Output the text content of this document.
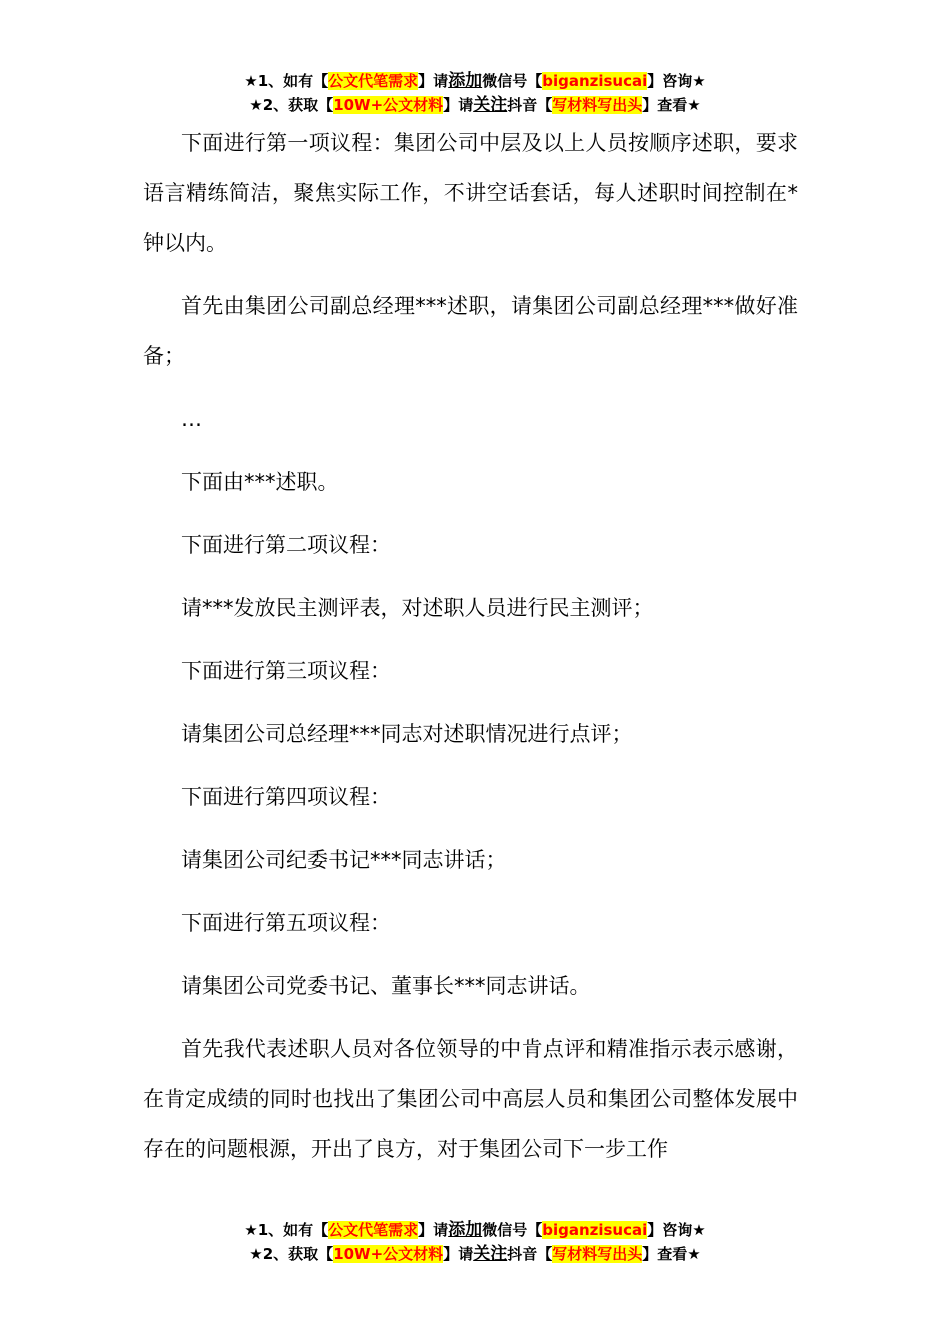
★1、如有【公文代笔需求】请添加微信号【biganzisucai】咨询★
★2、获取【10W+公文材料】请关注抖音【写材料写出头】查看★

下面进行第一项议程：集团公司中层及以上人员按顺序述职，要求语言精练简洁，聚焦实际工作，不讲空话套话，每人述职时间控制在*钟以内。

首先由集团公司副总经理***述职，请集团公司副总经理***做好准备；

…

下面由***述职。

下面进行第二项议程：

请***发放民主测评表，对述职人员进行民主测评；

下面进行第三项议程：

请集团公司总经理***同志对述职情况进行点评；

下面进行第四项议程：

请集团公司纪委书记***同志讲话；

下面进行第五项议程：

请集团公司党委书记、董事长***同志讲话。

首先我代表述职人员对各位领导的中肯点评和精准指示表示感谢，在肯定成绩的同时也找出了集团公司中高层人员和集团公司整体发展中存在的问题根源，开出了良方，对于集团公司下一步工作

★1、如有【公文代笔需求】请添加微信号【biganzisucai】咨询★
★2、获取【10W+公文材料】请关注抖音【写材料写出头】查看★
